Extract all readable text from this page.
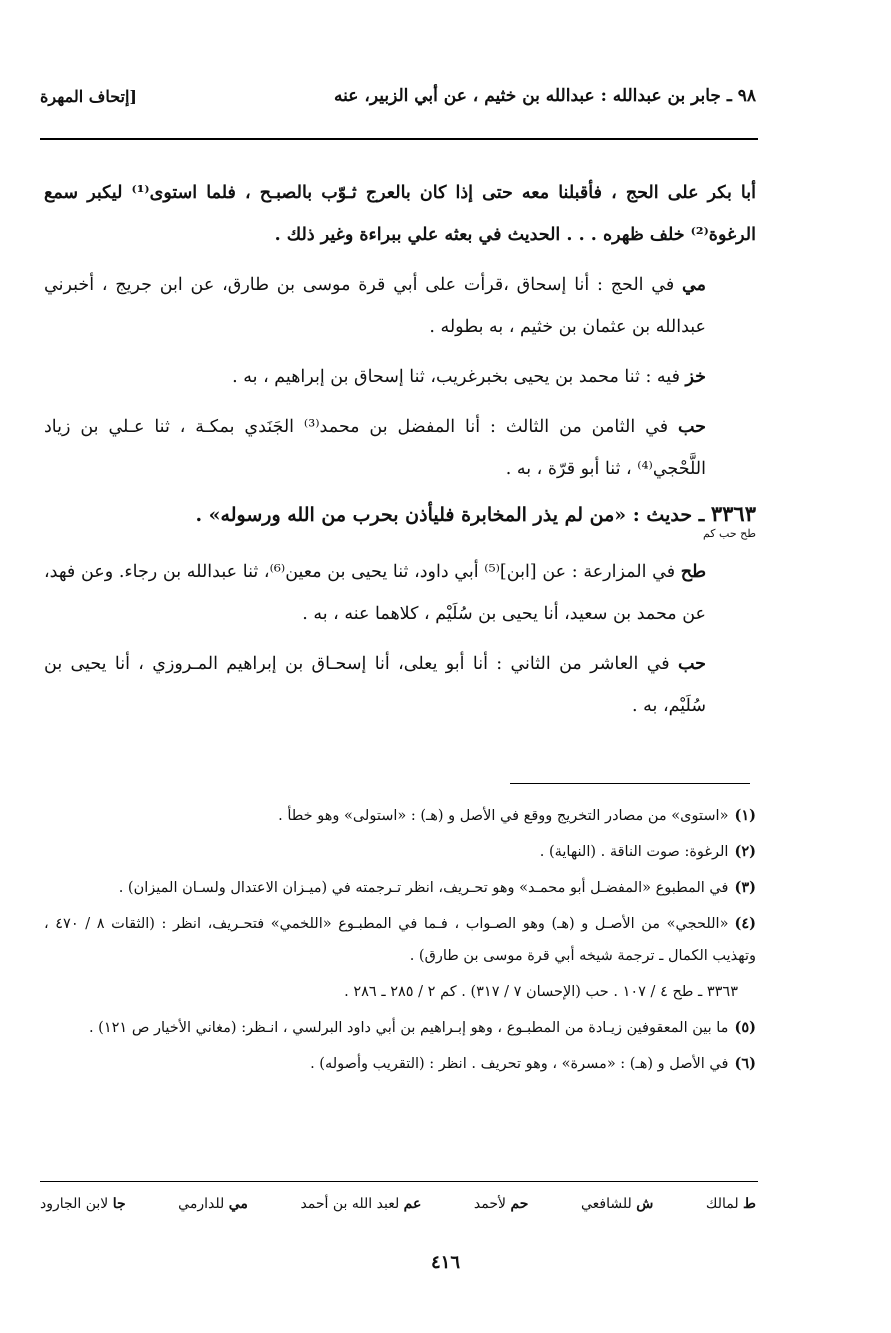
٩٨ ـ جابر بن عبدالله : عبدالله بن خثيم ، عن أبي الزبير، عنه
[إتحاف المهرة

أبا بكر على الحج ، فأقبلنا معه حتى إذا كان بالعرج ثـوّب بالصبـح ، فلما استوى⁽¹⁾ ليكبر سمع الرغوة⁽²⁾ خلف ظهره . . . الحديث في بعثه علي ببراءة وغير ذلك .

مي في الحج : أنا إسحاق ،قرأت على أبي قرة موسى بن طارق، عن ابن جريج ، أخبرني عبدالله بن عثمان بن خثيم ، به بطوله .

خز فيه : ثنا محمد بن يحيى بخبرغريب، ثنا إسحاق بن إبراهيم ، به .

حب في الثامن من الثالث : أنا المفضل بن محمد⁽³⁾ الجَنَدي بمكـة ، ثنا عـلي بن زياد اللَّحْجي⁽⁴⁾ ، ثنا أبو قرّة ، به .

٣٣٦٣ ـ حديث : «من لم يذر المخابرة فليأذن بحرب من الله ورسوله» .

طح حب كم

طح في المزارعة : عن [ابن]⁽⁵⁾ أبي داود، ثنا يحيى بن معين⁽⁶⁾، ثنا عبدالله بن رجاء. وعن فهد، عن محمد بن سعيد، أنا يحيى بن سُلَيْم ، كلاهما عنه ، به .

حب في العاشر من الثاني : أنا أبو يعلى، أنا إسحـاق بن إبراهيم المـروزي ، أنا يحيى بن سُلَيْم، به .

(١)«استوى» من مصادر التخريج ووقع في الأصل و (هـ) : «استولى» وهو خطأ .
(٢)الرغوة: صوت الناقة . (النهاية) .
(٣)في المطبوع «المفضـل أبو محمـد» وهو تحـريف، انظر تـرجمته في (ميـزان الاعتدال ولسـان الميزان) .
(٤)«اللحجي» من الأصـل و (هـ) وهو الصـواب ، فـما في المطبـوع «اللخمي» فتحـريف، انظر : (الثقات ٨ / ٤٧٠ ، وتهذيب الكمال ـ ترجمة شيخه أبي قرة موسى بن طارق) .
٣٣٦٣ ـ طح ٤ / ١٠٧ . حب (الإحسان ٧ / ٣١٧) . كم ٢ / ٢٨٥ ـ ٢٨٦ .
(٥)ما بين المعقوفين زيـادة من المطبـوع ، وهو إبـراهيم بن أبي داود البرلسي ، انـظر: (مغاني الأخيار ص ١٢١) .
(٦)في الأصل و (هـ) : «مسرة» ، وهو تحريف . انظر : (التقريب وأصوله) .
ط لمالك
ش للشافعي
حم لأحمد
عم لعبد الله بن أحمد
مي للدارمي
جا لابن الجارود
٤١٦
